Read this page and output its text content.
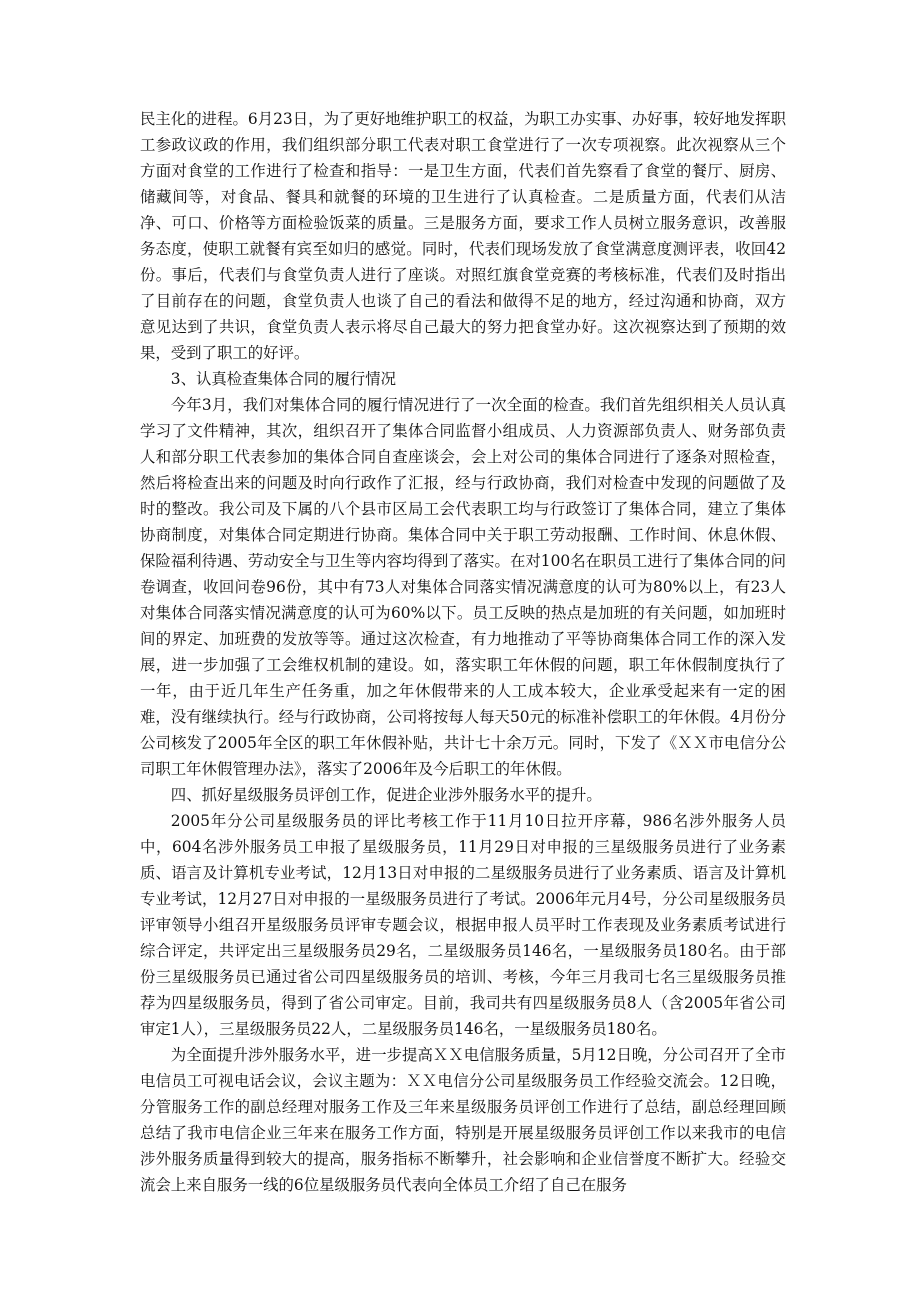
民主化的进程。6月23日，为了更好地维护职工的权益，为职工办实事、办好事，较好地发挥职工参政议政的作用，我们组织部分职工代表对职工食堂进行了一次专项视察。此次视察从三个方面对食堂的工作进行了检查和指导：一是卫生方面，代表们首先察看了食堂的餐厅、厨房、储藏间等，对食品、餐具和就餐的环境的卫生进行了认真检查。二是质量方面，代表们从洁净、可口、价格等方面检验饭菜的质量。三是服务方面，要求工作人员树立服务意识，改善服务态度，使职工就餐有宾至如归的感觉。同时，代表们现场发放了食堂满意度测评表，收回42份。事后，代表们与食堂负责人进行了座谈。对照红旗食堂竞赛的考核标准，代表们及时指出了目前存在的问题，食堂负责人也谈了自己的看法和做得不足的地方，经过沟通和协商，双方意见达到了共识，食堂负责人表示将尽自己最大的努力把食堂办好。这次视察达到了预期的效果，受到了职工的好评。

3、认真检查集体合同的履行情况

今年3月，我们对集体合同的履行情况进行了一次全面的检查。我们首先组织相关人员认真学习了文件精神，其次，组织召开了集体合同监督小组成员、人力资源部负责人、财务部负责人和部分职工代表参加的集体合同自查座谈会，会上对公司的集体合同进行了逐条对照检查，然后将检查出来的问题及时向行政作了汇报，经与行政协商，我们对检查中发现的问题做了及时的整改。我公司及下属的八个县市区局工会代表职工均与行政签订了集体合同，建立了集体协商制度，对集体合同定期进行协商。集体合同中关于职工劳动报酬、工作时间、休息休假、保险福利待遇、劳动安全与卫生等内容均得到了落实。在对100名在职员工进行了集体合同的问卷调查，收回问卷96份，其中有73人对集体合同落实情况满意度的认可为80%以上，有23人对集体合同落实情况满意度的认可为60%以下。员工反映的热点是加班的有关问题，如加班时间的界定、加班费的发放等等。通过这次检查，有力地推动了平等协商集体合同工作的深入发展，进一步加强了工会维权机制的建设。如，落实职工年休假的问题，职工年休假制度执行了一年，由于近几年生产任务重，加之年休假带来的人工成本较大，企业承受起来有一定的困难，没有继续执行。经与行政协商，公司将按每人每天50元的标准补偿职工的年休假。4月份分公司核发了2005年全区的职工年休假补贴，共计七十余万元。同时，下发了《ＸＸ市电信分公司职工年休假管理办法》，落实了2006年及今后职工的年休假。

四、抓好星级服务员评创工作，促进企业涉外服务水平的提升。

2005年分公司星级服务员的评比考核工作于11月10日拉开序幕，986名涉外服务人员中，604名涉外服务员工申报了星级服务员，11月29日对申报的三星级服务员进行了业务素质、语言及计算机专业考试，12月13日对申报的二星级服务员进行了业务素质、语言及计算机专业考试，12月27日对申报的一星级服务员进行了考试。2006年元月4号，分公司星级服务员评审领导小组召开星级服务员评审专题会议，根据申报人员平时工作表现及业务素质考试进行综合评定，共评定出三星级服务员29名，二星级服务员146名，一星级服务员180名。由于部份三星级服务员已通过省公司四星级服务员的培训、考核，今年三月我司七名三星级服务员推荐为四星级服务员，得到了省公司审定。目前，我司共有四星级服务员8人（含2005年省公司审定1人），三星级服务员22人，二星级服务员146名，一星级服务员180名。

为全面提升涉外服务水平，进一步提高ＸＸ电信服务质量，5月12日晚，分公司召开了全市电信员工可视电话会议，会议主题为：ＸＸ电信分公司星级服务员工作经验交流会。12日晚，分管服务工作的副总经理对服务工作及三年来星级服务员评创工作进行了总结，副总经理回顾总结了我市电信企业三年来在服务工作方面，特别是开展星级服务员评创工作以来我市的电信涉外服务质量得到较大的提高，服务指标不断攀升，社会影响和企业信誉度不断扩大。经验交流会上来自服务一线的6位星级服务员代表向全体员工介绍了自己在服务
